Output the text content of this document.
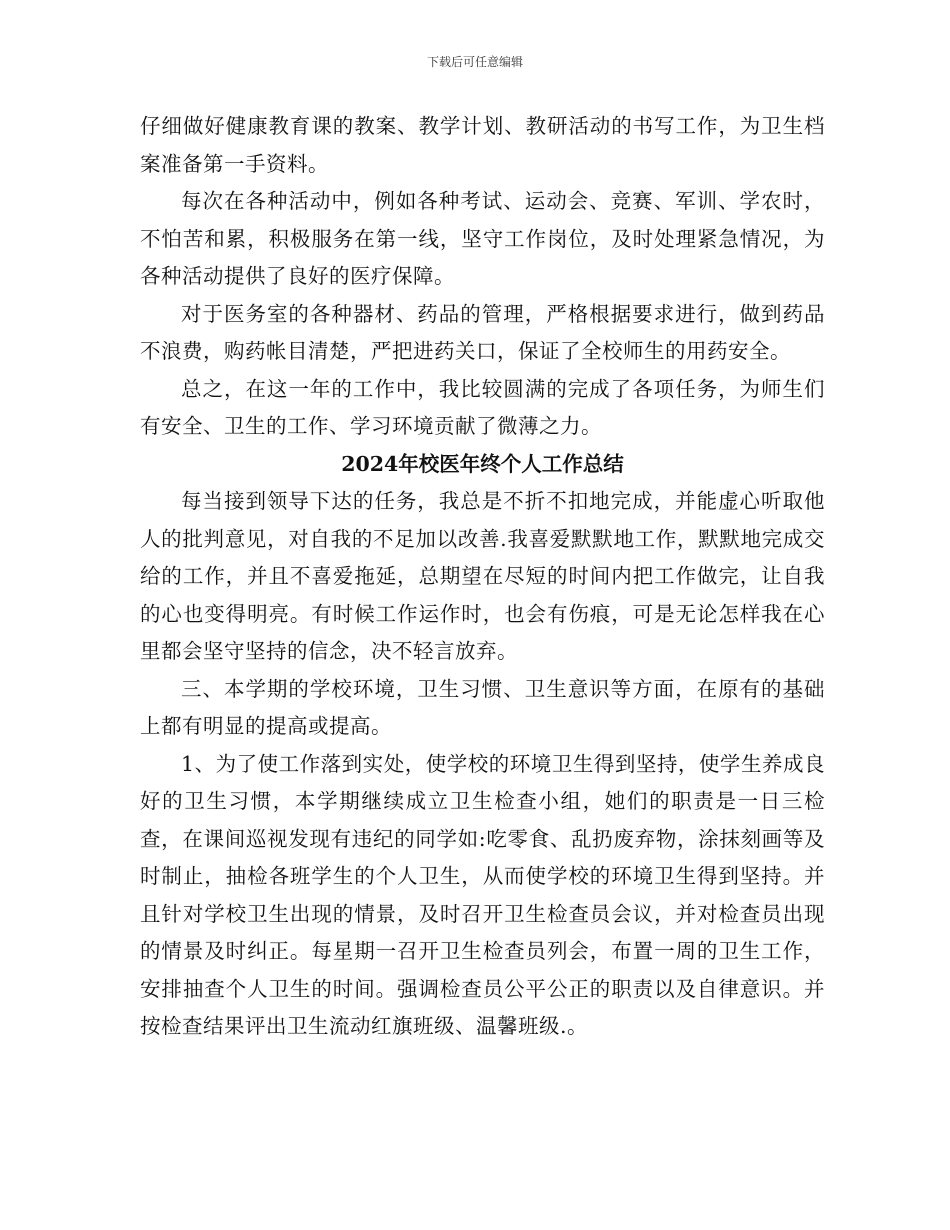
下载后可任意编辑

仔细做好健康教育课的教案、教学计划、教研活动的书写工作，为卫生档案准备第一手资料。

每次在各种活动中，例如各种考试、运动会、竞赛、军训、学农时，不怕苦和累，积极服务在第一线，坚守工作岗位，及时处理紧急情况，为各种活动提供了良好的医疗保障。

对于医务室的各种器材、药品的管理，严格根据要求进行，做到药品不浪费，购药帐目清楚，严把进药关口，保证了全校师生的用药安全。

总之，在这一年的工作中，我比较圆满的完成了各项任务，为师生们有安全、卫生的工作、学习环境贡献了微薄之力。

2024年校医年终个人工作总结

每当接到领导下达的任务，我总是不折不扣地完成，并能虚心听取他人的批判意见，对自我的不足加以改善.我喜爱默默地工作，默默地完成交给的工作，并且不喜爱拖延，总期望在尽短的时间内把工作做完，让自我的心也变得明亮。有时候工作运作时，也会有伤痕，可是无论怎样我在心里都会坚守坚持的信念，决不轻言放弃。

三、本学期的学校环境，卫生习惯、卫生意识等方面，在原有的基础上都有明显的提高或提高。

1、为了使工作落到实处，使学校的环境卫生得到坚持，使学生养成良好的卫生习惯，本学期继续成立卫生检查小组，她们的职责是一日三检查，在课间巡视发现有违纪的同学如:吃零食、乱扔废弃物，涂抹刻画等及时制止，抽检各班学生的个人卫生，从而使学校的环境卫生得到坚持。并且针对学校卫生出现的情景，及时召开卫生检查员会议，并对检查员出现的情景及时纠正。每星期一召开卫生检查员列会，布置一周的卫生工作，安排抽查个人卫生的时间。强调检查员公平公正的职责以及自律意识。并按检查结果评出卫生流动红旗班级、温馨班级.。
